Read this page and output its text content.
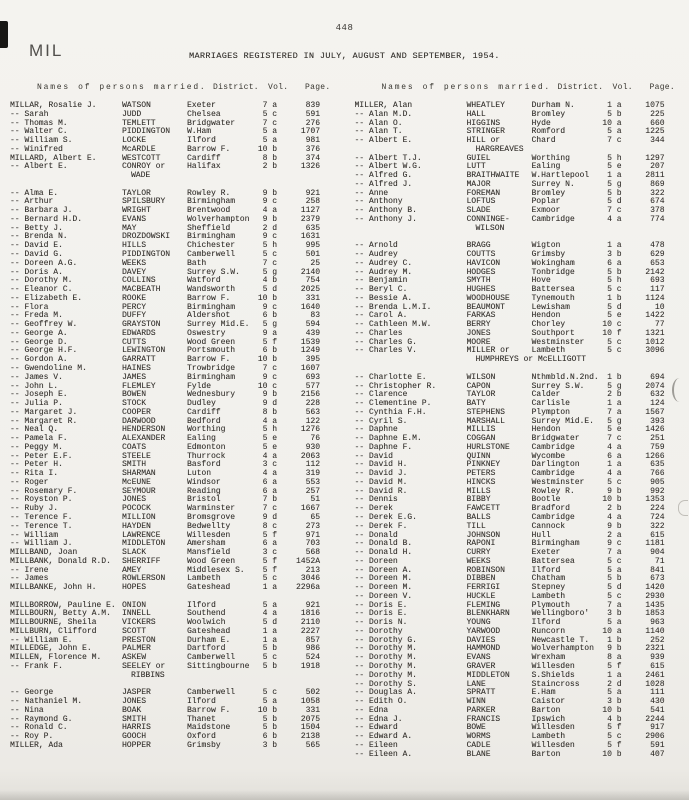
448
MIL	MARRIAGES REGISTERED IN JULY, AUGUST AND SEPTEMBER, 1954.
Names of persons married. District. Vol. Page.
MILLAR, Rosalie J.	WATSON	Exeter	7 a	839
-- Sarah	JUDD	Chelsea	5 c	591
-- Thomas M.	TEMLETT	Bridgwater	7 c	276
-- Walter C.	PIDDINGTON	W.Ham	5 a	1707
-- William S.	LOCKE	Ilford	5 a	981
-- Winifred	McARDLE	Barrow F.	10 b	376
MILLARD, Albert E.	WESTCOTT	Cardiff	8 b	374
-- Albert E.	CONROY or	Halifax	2 b	1326
WADE
-- Alma E.	TAYLOR	Rowley R.	9 b	921
-- Arthur	SPILSBURY	Birmingham	9 c	258
-- Barbara J.	WRIGHT	Brentwood	4 a	1127
-- Bernard H.D.	EVANS	Wolverhampton	9 b	2379
-- Betty J.	MAY	Sheffield	2 d	635
-- Brenda N.	DROZDOWSKI	Birmingham	9 c	1631
-- David E.	HILLS	Chichester	5 h	995
-- David G.	PIDDINGTON	Camberwell	5 c	501
-- Doreen A.G.	WEEKS	Bath	7 c	25
-- Doris A.	DAVEY	Surrey S.W.	5 g	2140
-- Dorothy M.	COLLINS	Watford	4 b	754
-- Eleanor C.	MACBEATH	Wandsworth	5 d	2025
-- Elizabeth E.	ROOKE	Barrow F.	10 b	331
-- Flora	PERCY	Birmingham	9 c	1640
-- Freda M.	DUFFY	Aldershot	6 b	83
-- Geoffrey W.	GRAYSTON	Surrey Mid.E.	5 g	594
-- George A.	EDWARDS	Oswestry	9 a	439
-- George D.	CUTTS	Wood Green	5 f	1539
-- George H.F.	LEWINGTON	Portsmouth	6 b	1249
-- Gordon A.	GARRATT	Barrow F.	10 b	395
-- Gwendoline M.	HAINES	Trowbridge	7 c	1607
-- James V.	JAMES	Birmingham	9 c	693
-- John L.	FLEMLEY	Fylde	10 c	577
-- Joseph E.	BOWEN	Wednesbury	9 b	2156
-- Julia P.	STOCK	Dudley	9 d	228
-- Margaret J.	COOPER	Cardiff	8 b	563
-- Margaret R.	DARWOOD	Bedford	4 a	122
-- Neal Q.	HENDERSON	Worthing	5 h	1276
-- Pamela F.	ALEXANDER	Ealing	5 e	76
-- Peggy M.	COATS	Edmonton	5 e	930
-- Peter E.F.	STEELE	Thurrock	4 a	2063
-- Peter H.	SMITH	Basford	3 c	112
-- Rita I.	SHARMAN	Luton	4 a	319
-- Roger	McEUNE	Windsor	6 a	553
-- Rosemary F.	SEYMOUR	Reading	6 a	257
-- Royston P.	JONES	Bristol	7 b	51
-- Ruby J.	POCOCK	Warminster	7 c	1667
-- Terence F.	MILLION	Bromsgrove	9 d	65
-- Terence T.	HAYDEN	Bedwellty	8 c	273
-- William	LAWRENCE	Willesden	5 f	971
-- William J.	MIDDLETON	Amersham	6 a	703
MILLBAND, Joan	SLACK	Mansfield	3 c	568
MILLBANK, Donald R.D.	SHERRIFF	Wood Green	5 f	1452A
-- Irene	AMEY	Middlesex S.	5 f	213
-- James	ROWLERSON	Lambeth	5 c	3046
MILLBANKE, John H.	HOPES	Gateshead	1 a	2296a
MILLBORROW, Pauline E. ONION	Ilford	5 a	921
MILLBOURN, Betty A.M.	INNELL	Southend	4 a	1816
MILLBOURNE, Sheila	VICKERS	Woolwich	5 d	2110
MILLBURN, Clifford	SCOTT	Gateshead	1 a	2227
-- William E.	PRESTON	Durham E.	1 a	857
MILLEDGE, John E.	PALMER	Dartford	5 b	986
MILLEN, Florence M.	ASKEW	Camberwell	5 c	524
-- Frank F.	SEELEY or	Sittingbourne	5 b	1918
RIBBINS
-- George	JASPER	Camberwell	5 c	502
-- Nathaniel M.	JONES	Ilford	5 a	1058
-- Nina	BOAK	Barrow F.	10 b	331
-- Raymond G.	SMITH	Thanet	5 b	2075
-- Ronald C.	HARRIS	Maidstone	5 b	1504
-- Roy P.	GOOCH	Oxford	6 b	2138
MILLER, Ada	HOPPER	Grimsby	3 b	565
Names of persons married. District. Vol. Page.
MILLER, Alan	WHEATLEY	Durham N.	1 a	1075
-- Alan M.D.	HALL	Bromley	5 b	225
-- Alan O.	HIGGINS	Hyde	10 a	660
-- Alan T.	STRINGER	Romford	5 a	1225
-- Albert E.	HILL or	Chard	7 c	344
HARGREAVES
-- Albert T.J.	GUIEL	Worthing	5 h	1297
-- Albert W.G.	LUTT	Ealing	5 e	207
-- Alfred G.	BRAITHWAITE	W.Hartlepool	1 a	2811
-- Alfred J.	MAJOR	Surrey N.	5 g	869
-- Anne	FOREMAN	Bromley	5 b	322
-- Anthony	LOFTUS	Poplar	5 d	674
-- Anthony B.	SLADE	Exmoor	7 c	378
-- Anthony J.	CONNINGE-	Cambridge	4 a	774
WILSON
-- Arnold	BRAGG	Wigton	1 a	478
-- Audrey	COUTTS	Grimsby	3 b	629
-- Audrey C.	HAVICON	Wokingham	6 a	653
-- Audrey M.	HODGES	Tonbridge	5 b	2142
-- Benjamin	SMYTH	Hove	5 h	693
-- Beryl C.	HUGHES	Battersea	5 c	117
-- Bessie A.	WOODHOUSE	Tynemouth	1 b	1124
-- Brenda L.M.I.	BEAUMONT	Lewisham	5 d	10
-- Carol A.	FARKAS	Hendon	5 e	1422
-- Cathleen M.W.	BERRY	Chorley	10 c	77
-- Charles	JONES	Southport	10 f	1321
-- Charles G.	MOORE	Westminster	5 c	1012
-- Charles V.	MILLER or	Lambeth	5 c	3096
HUMPHREYS or McELLIGOTT
-- Charlotte E.	WILSON	Nthmbld.N.2nd.	1 b	694
-- Christopher R.	CAPON	Surrey S.W.	5 g	2074
-- Clarence	TAYLOR	Calder	2 b	632
-- Clementine P.	BATY	Carlisle	1 a	124
-- Cynthia F.H.	STEPHENS	Plympton	7 a	1567
-- Cyril S.	MARSHALL	Surrey Mid.E.	5 g	393
-- Daphne	MILLIS	Hendon	5 e	1426
-- Daphne E.M.	COGGAN	Bridgwater	7 c	251
-- Daphne F.	HURLSTONE	Cambridge	4 a	759
-- David	QUINN	Wycombe	6 a	1266
-- David H.	PINKNEY	Darlington	1 a	635
-- David J.	PETERS	Cambridge	4 a	766
-- David M.	HINCKS	Westminster	5 c	905
-- David R.	MILLS	Rowley R.	9 b	992
-- Dennis	BIBBY	Bootle	10 b	1353
-- Derek	FAWCETT	Bradford	2 b	224
-- Derek E.G.	BALLS	Cambridge	4 a	724
-- Derek F.	TILL	Cannock	9 b	322
-- Donald	JOHNSON	Hull	2 a	615
-- Donald B.	RAPONI	Birmingham	9 c	1181
-- Donald H.	CURRY	Exeter	7 a	904
-- Doreen	WEEKS	Battersea	5 c	71
-- Doreen A.	ROBINSON	Ilford	5 a	841
-- Doreen M.	DIBBEN	Chatham	5 b	673
-- Doreen M.	FERRIGI	Stepney	5 d	1420
-- Doreen V.	HUCKLE	Lambeth	5 c	2930
-- Doris E.	FLEMING	Plymouth	7 a	1435
-- Doris E.	BLENKHARN	Wellingboro'	3 b	1853
-- Doris N.	YOUNG	Ilford	5 a	963
-- Dorothy	YARWOOD	Runcorn	10 a	1140
-- Dorothy G.	DAVIES	Newcastle T.	1 b	252
-- Dorothy M.	HAMMOND	Wolverhampton	9 b	2321
-- Dorothy M.	EVANS	Wrexham	8 a	939
-- Dorothy M.	GRAVER	Willesden	5 f	615
-- Dorothy M.	MIDDLETON	S.Shields	1 a	2461
-- Dorothy S.	LANE	Staincross	2 d	1028
-- Douglas A.	SPRATT	E.Ham	5 a	111
-- Edith O.	WINN	Caistor	3 b	430
-- Edna	PARKER	Barton	10 b	541
-- Edna J.	FRANCIS	Ipswich	4 b	2244
-- Edward	BOWE	Willesden	5 f	917
-- Edward A.	WORMS	Lambeth	5 c	2906
-- Eileen	CADLE	Willesden	5 f	591
-- Eileen A.	BLANE	Barton	10 b	407
